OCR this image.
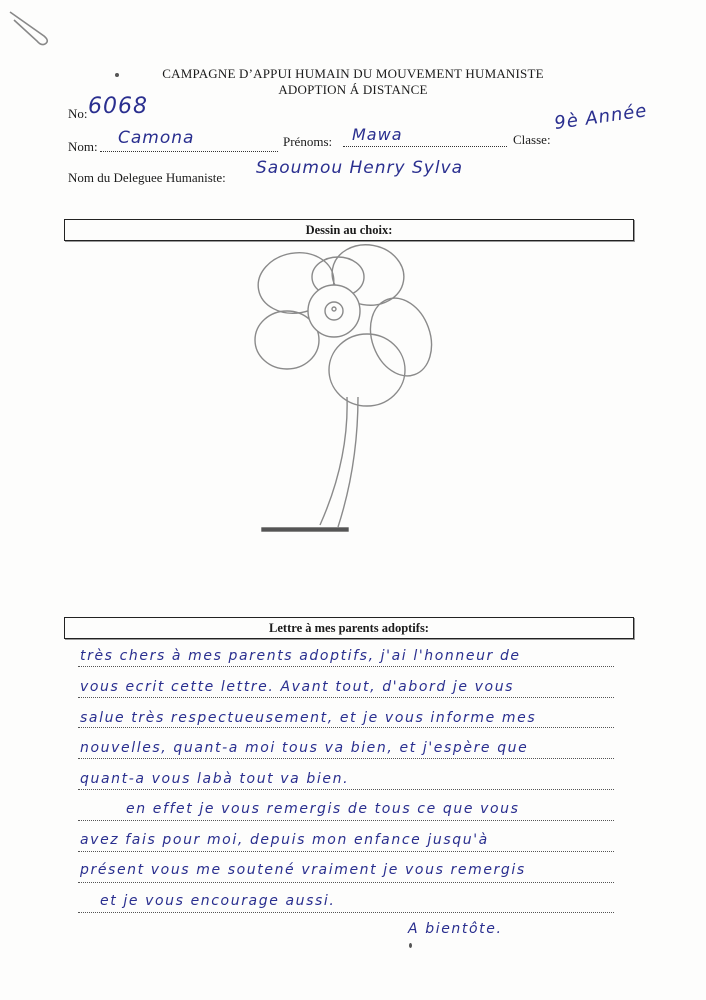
CAMPAGNE D’APPUI HUMAIN DU MOUVEMENT HUMANISTE
ADOPTION Á DISTANCE
No: 6068
Nom: Camona	Prénoms: Mawa	Classe:
9è Année
Nom du Deleguee Humaniste: Saoumou Henry Sylva
Dessin au choix:
Lettre à mes parents adoptifs:
très chers à mes parents adoptifs, j'ai l'honneur de
vous ecrit cette lettre. Avant tout, d'abord je vous
salue très respectueusement, et je vous informe mes
nouvelles, quant-a moi tous va bien, et j'espère que
quant-a vous labà tout va bien.
en effet je vous remergis de tous ce que vous
avez fais pour moi, depuis mon enfance jusqu'à
présent vous me soutené vraiment je vous remergis
et je vous encourage aussi.
A bientôte.
